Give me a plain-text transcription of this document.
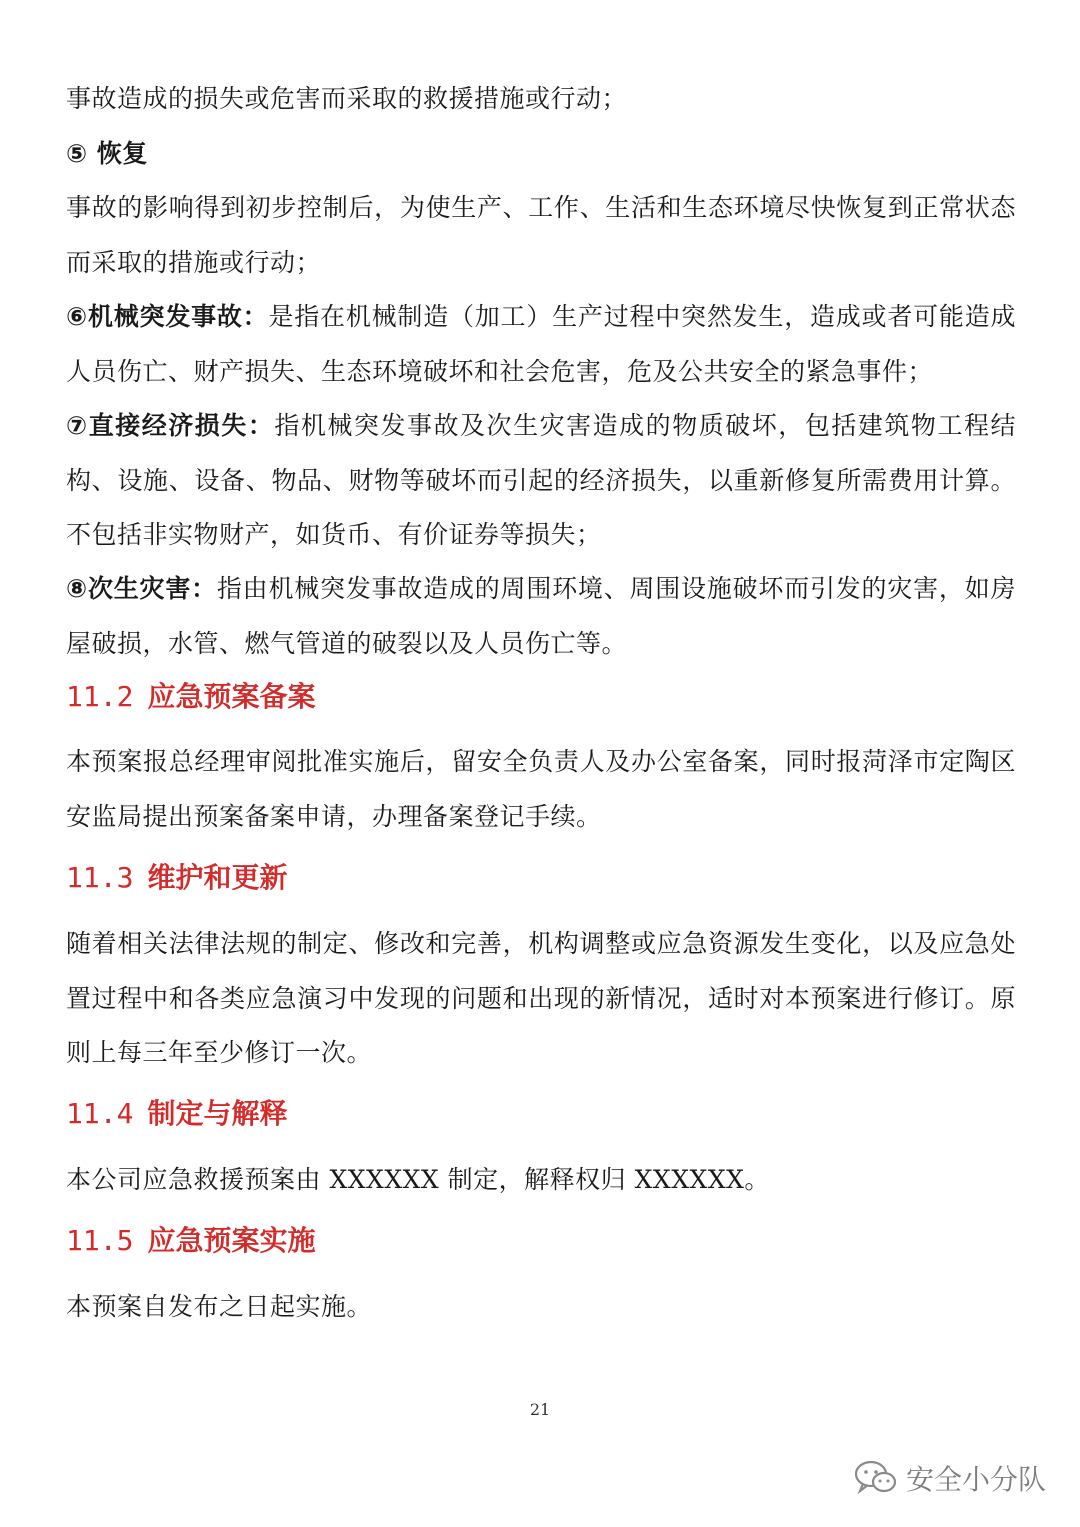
事故造成的损失或危害而采取的救援措施或行动；
⑤ 恢复
事故的影响得到初步控制后，为使生产、工作、生活和生态环境尽快恢复到正常状态
而采取的措施或行动；
⑥机械突发事故：是指在机械制造（加工）生产过程中突然发生，造成或者可能造成
人员伤亡、财产损失、生态环境破坏和社会危害，危及公共安全的紧急事件；
⑦直接经济损失：指机械突发事故及次生灾害造成的物质破坏，包括建筑物工程结
构、设施、设备、物品、财物等破坏而引起的经济损失，以重新修复所需费用计算。
不包括非实物财产，如货币、有价证券等损失；
⑧次生灾害：指由机械突发事故造成的周围环境、周围设施破坏而引发的灾害，如房
屋破损，水管、燃气管道的破裂以及人员伤亡等。
11.2 应急预案备案
本预案报总经理审阅批准实施后，留安全负责人及办公室备案，同时报菏泽市定陶区
安监局提出预案备案申请，办理备案登记手续。
11.3 维护和更新
随着相关法律法规的制定、修改和完善，机构调整或应急资源发生变化，以及应急处
置过程中和各类应急演习中发现的问题和出现的新情况，适时对本预案进行修订。原
则上每三年至少修订一次。
11.4 制定与解释
本公司应急救援预案由 XXXXXX 制定，解释权归 XXXXXX。
11.5 应急预案实施
本预案自发布之日起实施。
21
安全小分队
